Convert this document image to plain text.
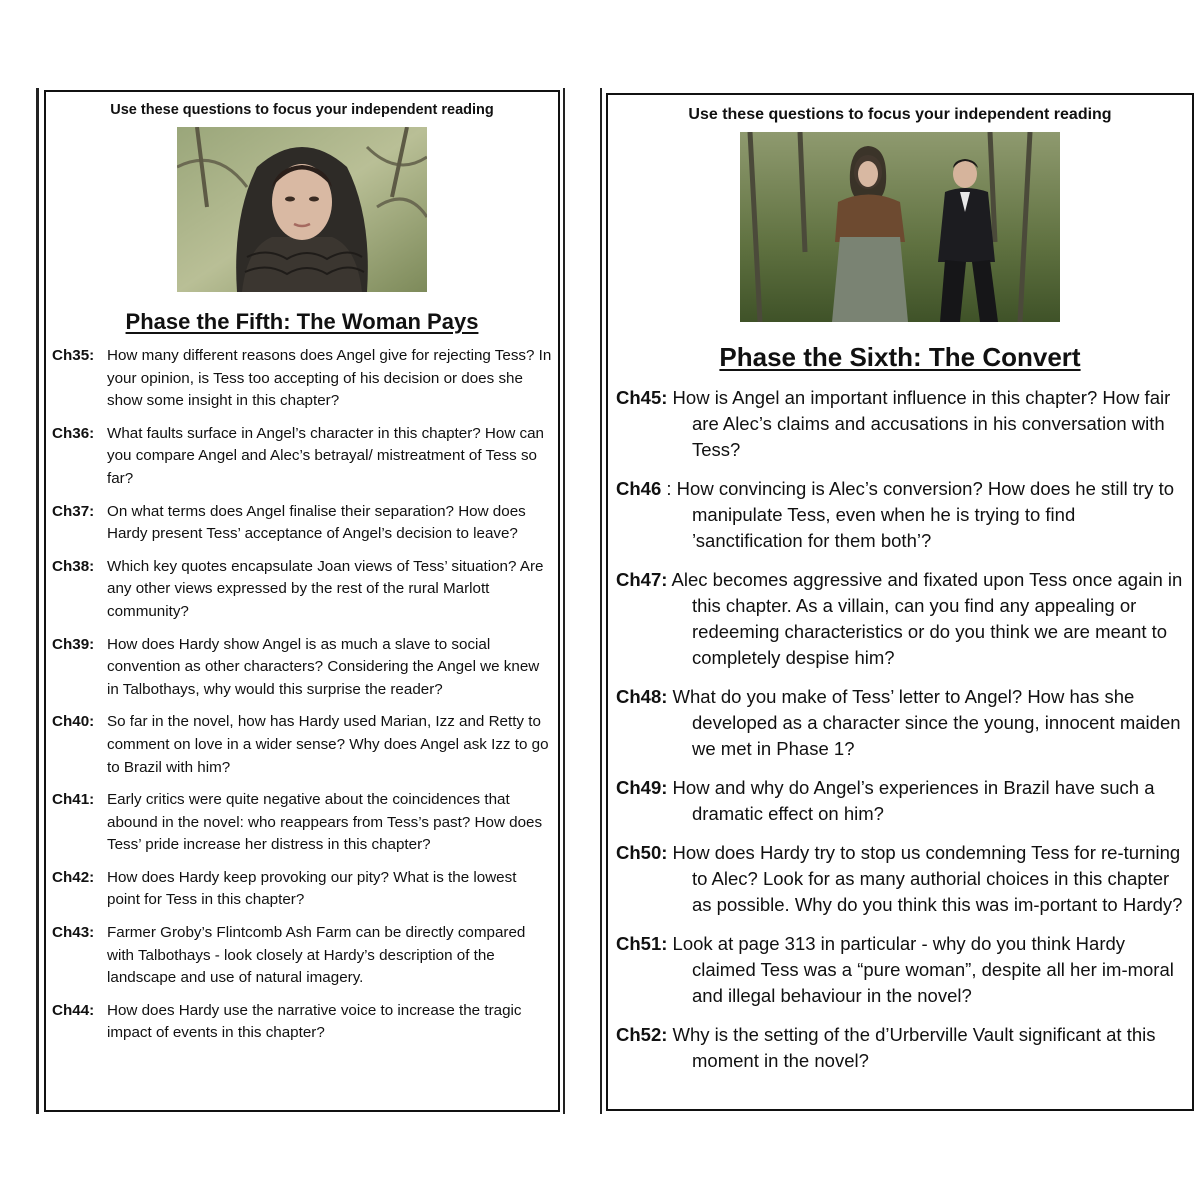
Use these questions to focus your independent reading
Phase the Fifth: The Woman Pays
Ch35: How many different reasons does Angel give for rejecting Tess? In your opinion, is Tess too accepting of his decision or does she show some insight in this chapter?
Ch36: What faults surface in Angel’s character in this chapter? How can you compare Angel and Alec’s betrayal/ mistreatment of Tess so far?
Ch37: On what terms does Angel finalise their separation? How does Hardy present Tess’ acceptance of Angel’s decision to leave?
Ch38: Which key quotes encapsulate Joan views of Tess’ situation? Are any other views expressed by the rest of the rural Marlott community?
Ch39: How does Hardy show Angel is as much a slave to social convention as other characters? Considering the Angel we knew in Talbothays, why would this surprise the reader?
Ch40: So far in the novel, how has Hardy used Marian, Izz and Retty to comment on love in a wider sense? Why does Angel ask Izz to go to Brazil with him?
Ch41: Early critics were quite negative about the coincidences that abound in the novel: who reappears from Tess’s past? How does Tess’ pride increase her distress in this chapter?
Ch42: How does Hardy keep provoking our pity? What is the lowest point for Tess in this chapter?
Ch43: Farmer Groby’s Flintcomb Ash Farm can be directly compared with Talbothays - look closely at Hardy’s description of the landscape and use of natural imagery.
Ch44: How does Hardy use the narrative voice to increase the tragic impact of events in this chapter?
Use these questions to focus your independent reading
Phase the Sixth: The Convert
Ch45: How is Angel an important influence in this chapter? How fair are Alec’s claims and accusations in his conversation with Tess?
Ch46 : How convincing is Alec’s conversion? How does he still try to manipulate Tess, even when he is trying to find ’sanctification for them both’?
Ch47: Alec becomes aggressive and fixated upon Tess once again in this chapter. As a villain, can you find any appealing or redeeming characteristics or do you think we are meant to completely despise him?
Ch48: What do you make of Tess’ letter to Angel? How has she developed as a character since the young, innocent maiden we met in Phase 1?
Ch49: How and why do Angel’s experiences in Brazil have such a dramatic effect on him?
Ch50: How does Hardy try to stop us condemning Tess for re-turning to Alec? Look for as many authorial choices in this chapter as possible. Why do you think this was im-portant to Hardy?
Ch51: Look at page 313 in particular - why do you think Hardy claimed Tess was a “pure woman”, despite all her im-moral and illegal behaviour in the novel?
Ch52: Why is the setting of the d’Urberville Vault significant at this moment in the novel?
